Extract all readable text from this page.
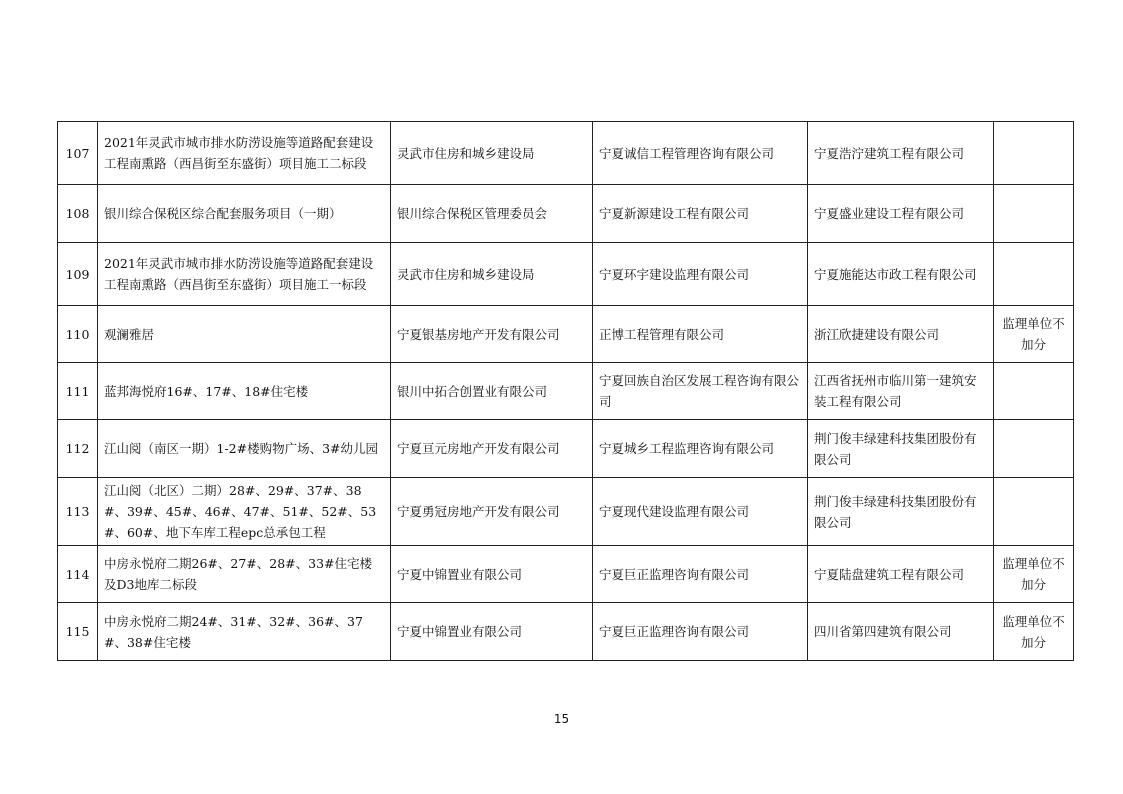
107	2021年灵武市城市排水防涝设施等道路配套建设工程南熏路（西昌街至东盛街）项目施工二标段	灵武市住房和城乡建设局	宁夏诚信工程管理咨询有限公司	宁夏浩泞建筑工程有限公司	
108	银川综合保税区综合配套服务项目（一期）	银川综合保税区管理委员会	宁夏新源建设工程有限公司	宁夏盛业建设工程有限公司	
109	2021年灵武市城市排水防涝设施等道路配套建设工程南熏路（西昌街至东盛街）项目施工一标段	灵武市住房和城乡建设局	宁夏环宇建设监理有限公司	宁夏施能达市政工程有限公司	
110	观澜雅居	宁夏银基房地产开发有限公司	正博工程管理有限公司	浙江欣捷建设有限公司	监理单位不加分
111	蓝邦海悦府16#、17#、18#住宅楼	银川中拓合创置业有限公司	宁夏回族自治区发展工程咨询有限公司	江西省抚州市临川第一建筑安装工程有限公司	
112	江山阅（南区一期）1-2#楼购物广场、3#幼儿园	宁夏亘元房地产开发有限公司	宁夏城乡工程监理咨询有限公司	荆门俊丰绿建科技集团股份有限公司	
113	江山阅（北区）二期）28#、29#、37#、38#、39#、45#、46#、47#、51#、52#、53#、60#、地下车库工程epc总承包工程	宁夏勇冠房地产开发有限公司	宁夏现代建设监理有限公司	荆门俊丰绿建科技集团股份有限公司	
114	中房永悦府二期26#、27#、28#、33#住宅楼及D3地库二标段	宁夏中锦置业有限公司	宁夏巨正监理咨询有限公司	宁夏陆盘建筑工程有限公司	监理单位不加分
115	中房永悦府二期24#、31#、32#、36#、37#、38#住宅楼	宁夏中锦置业有限公司	宁夏巨正监理咨询有限公司	四川省第四建筑有限公司	监理单位不加分
15
